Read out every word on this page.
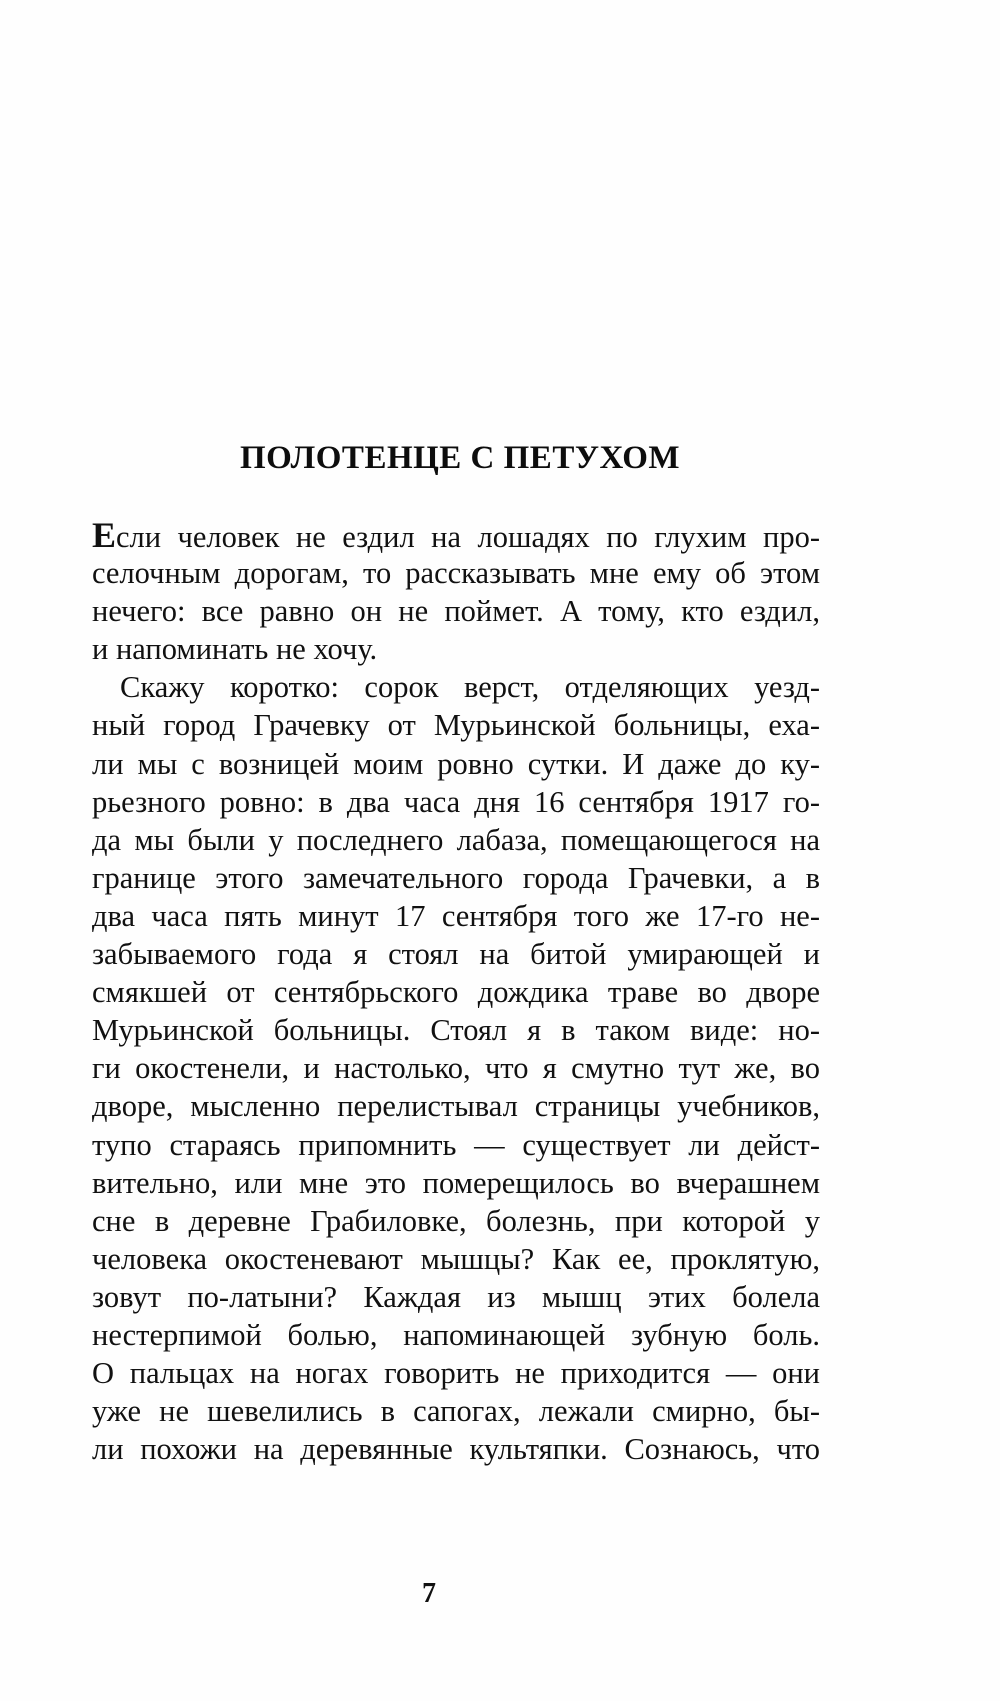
ПОЛОТЕНЦЕ С ПЕТУХОМ
Если человек не ездил на лошадях по глухим про-
селочным дорогам, то рассказывать мне ему об этом
нечего: все равно он не поймет. А тому, кто ездил,
и напоминать не хочу.
Скажу коротко: сорок верст, отделяющих уезд-
ный город Грачевку от Мурьинской больницы, еха-
ли мы с возницей моим ровно сутки. И даже до ку-
рьезного ровно: в два часа дня 16 сентября 1917 го-
да мы были у последнего лабаза, помещающегося на
границе этого замечательного города Грачевки, а в
два часа пять минут 17 сентября того же 17-го не-
забываемого года я стоял на битой умирающей и
смякшей от сентябрьского дождика траве во дворе
Мурьинской больницы. Стоял я в таком виде: но-
ги окостенели, и настолько, что я смутно тут же, во
дворе, мысленно перелистывал страницы учебников,
тупо стараясь припомнить — существует ли дейст-
вительно, или мне это померещилось во вчерашнем
сне в деревне Грабиловке, болезнь, при которой у
человека окостеневают мышцы? Как ее, проклятую,
зовут по-латыни? Каждая из мышц этих болела
нестерпимой болью, напоминающей зубную боль.
О пальцах на ногах говорить не приходится — они
уже не шевелились в сапогах, лежали смирно, бы-
ли похожи на деревянные культяпки. Сознаюсь, что
7
